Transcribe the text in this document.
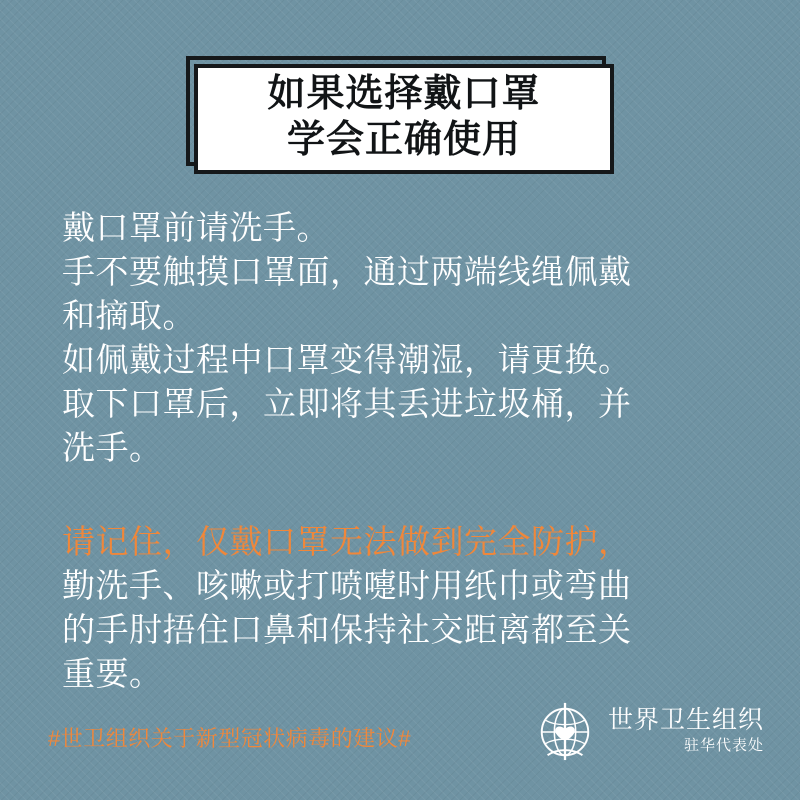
如果选择戴口罩
学会正确使用
戴口罩前请洗手。
手不要触摸口罩面，通过两端线绳佩戴
和摘取。
如佩戴过程中口罩变得潮湿，请更换。
取下口罩后，立即将其丢进垃圾桶，并
洗手。
请记住，仅戴口罩无法做到完全防护，
勤洗手、咳嗽或打喷嚏时用纸巾或弯曲
的手肘捂住口鼻和保持社交距离都至关
重要。
#世卫组织关于新型冠状病毒的建议#
世界卫生组织
驻华代表处
